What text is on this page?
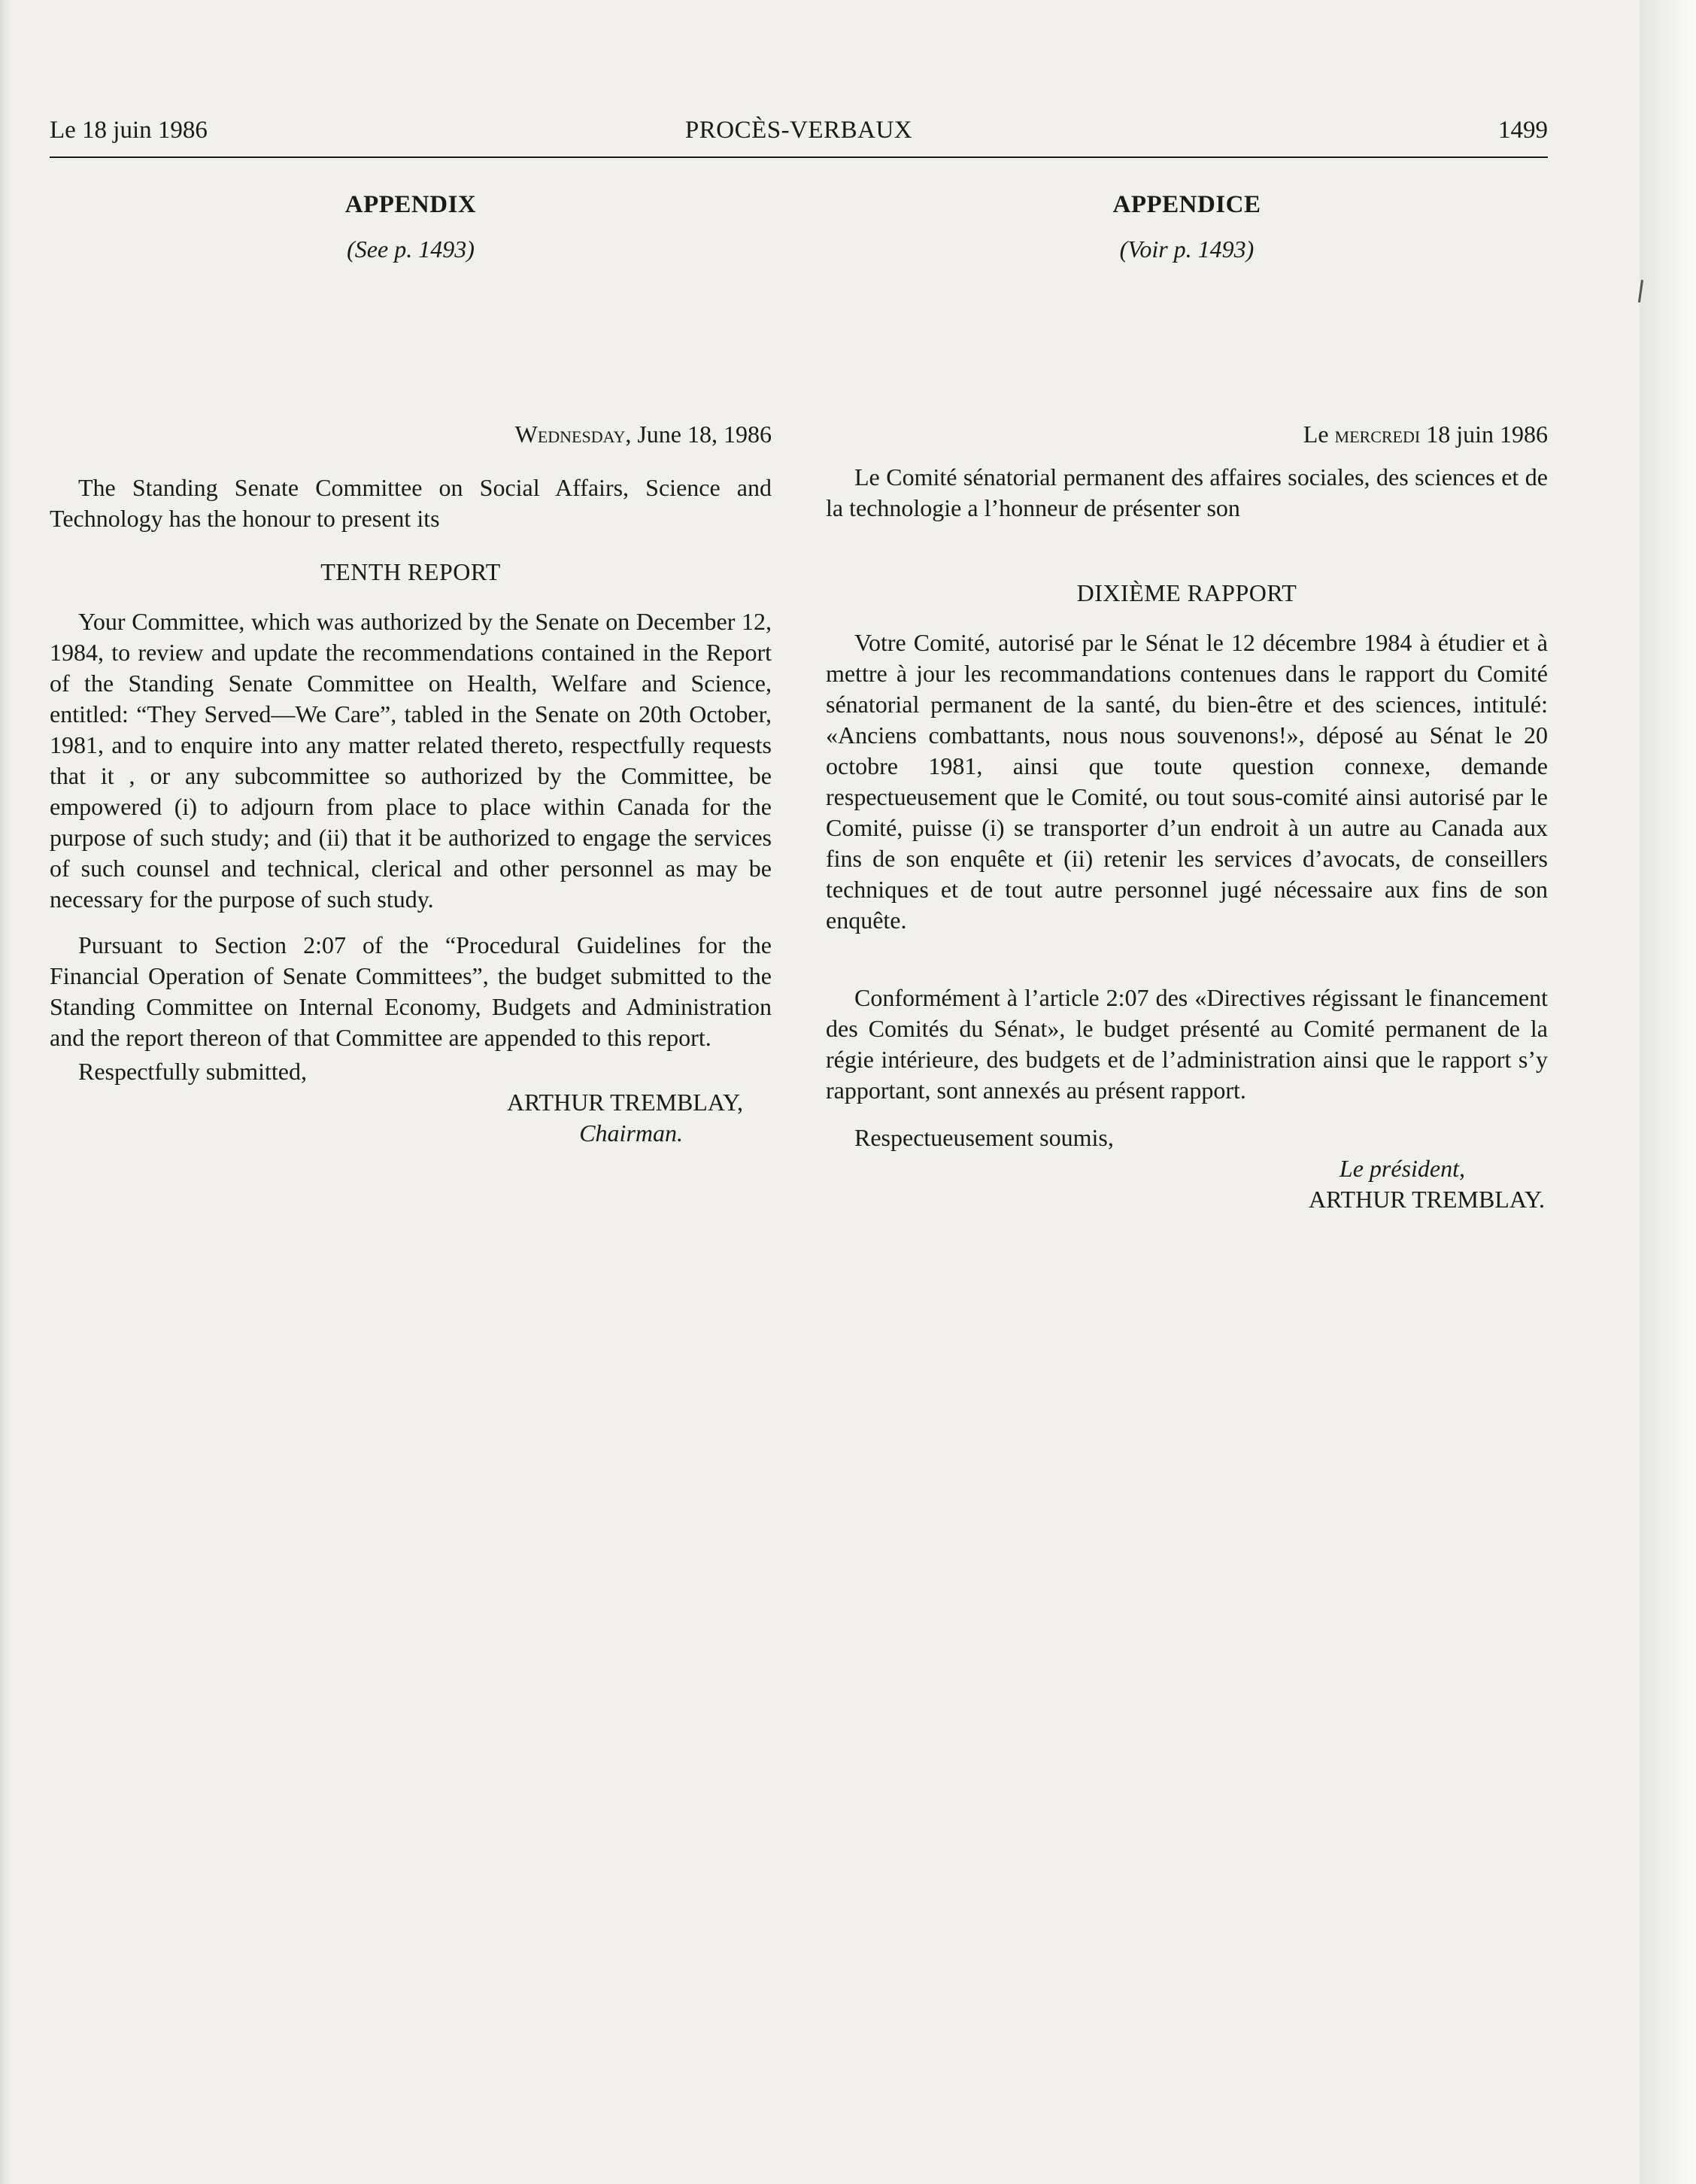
Le 18 juin 1986	PROCÈS-VERBAUX	1499
APPENDIX
(See p. 1493)
Wednesday, June 18, 1986

The Standing Senate Committee on Social Affairs, Science and Technology has the honour to present its

TENTH REPORT

Your Committee, which was authorized by the Senate on December 12, 1984, to review and update the recommendations contained in the Report of the Standing Senate Committee on Health, Welfare and Science, entitled: “They Served—We Care”, tabled in the Senate on 20th October, 1981, and to enquire into any matter related thereto, respectfully requests that it , or any subcommittee so authorized by the Committee, be empowered (i) to adjourn from place to place within Canada for the purpose of such study; and (ii) that it be authorized to engage the services of such counsel and technical, clerical and other personnel as may be necessary for the purpose of such study.

Pursuant to Section 2:07 of the “Procedural Guidelines for the Financial Operation of Senate Committees”, the budget submitted to the Standing Committee on Internal Economy, Budgets and Administration and the report thereon of that Committee are appended to this report.

Respectfully submitted,
ARTHUR TREMBLAY,
Chairman.
APPENDICE
(Voir p. 1493)
Le mercredi 18 juin 1986

Le Comité sénatorial permanent des affaires sociales, des sciences et de la technologie a l’honneur de présenter son

DIXIÈME RAPPORT

Votre Comité, autorisé par le Sénat le 12 décembre 1984 à étudier et à mettre à jour les recommandations contenues dans le rapport du Comité sénatorial permanent de la santé, du bien-être et des sciences, intitulé: «Anciens combattants, nous nous souvenons!», déposé au Sénat le 20 octobre 1981, ainsi que toute question connexe, demande respectueusement que le Comité, ou tout sous-comité ainsi autorisé par le Comité, puisse (i) se transporter d’un endroit à un autre au Canada aux fins de son enquête et (ii) retenir les services d’avocats, de conseillers techniques et de tout autre personnel jugé nécessaire aux fins de son enquête.

Conformément à l’article 2:07 des «Directives régissant le financement des Comités du Sénat», le budget présenté au Comité permanent de la régie intérieure, des budgets et de l’administration ainsi que le rapport s’y rapportant, sont annexés au présent rapport.

Respectueusement soumis,
Le président,
ARTHUR TREMBLAY.
